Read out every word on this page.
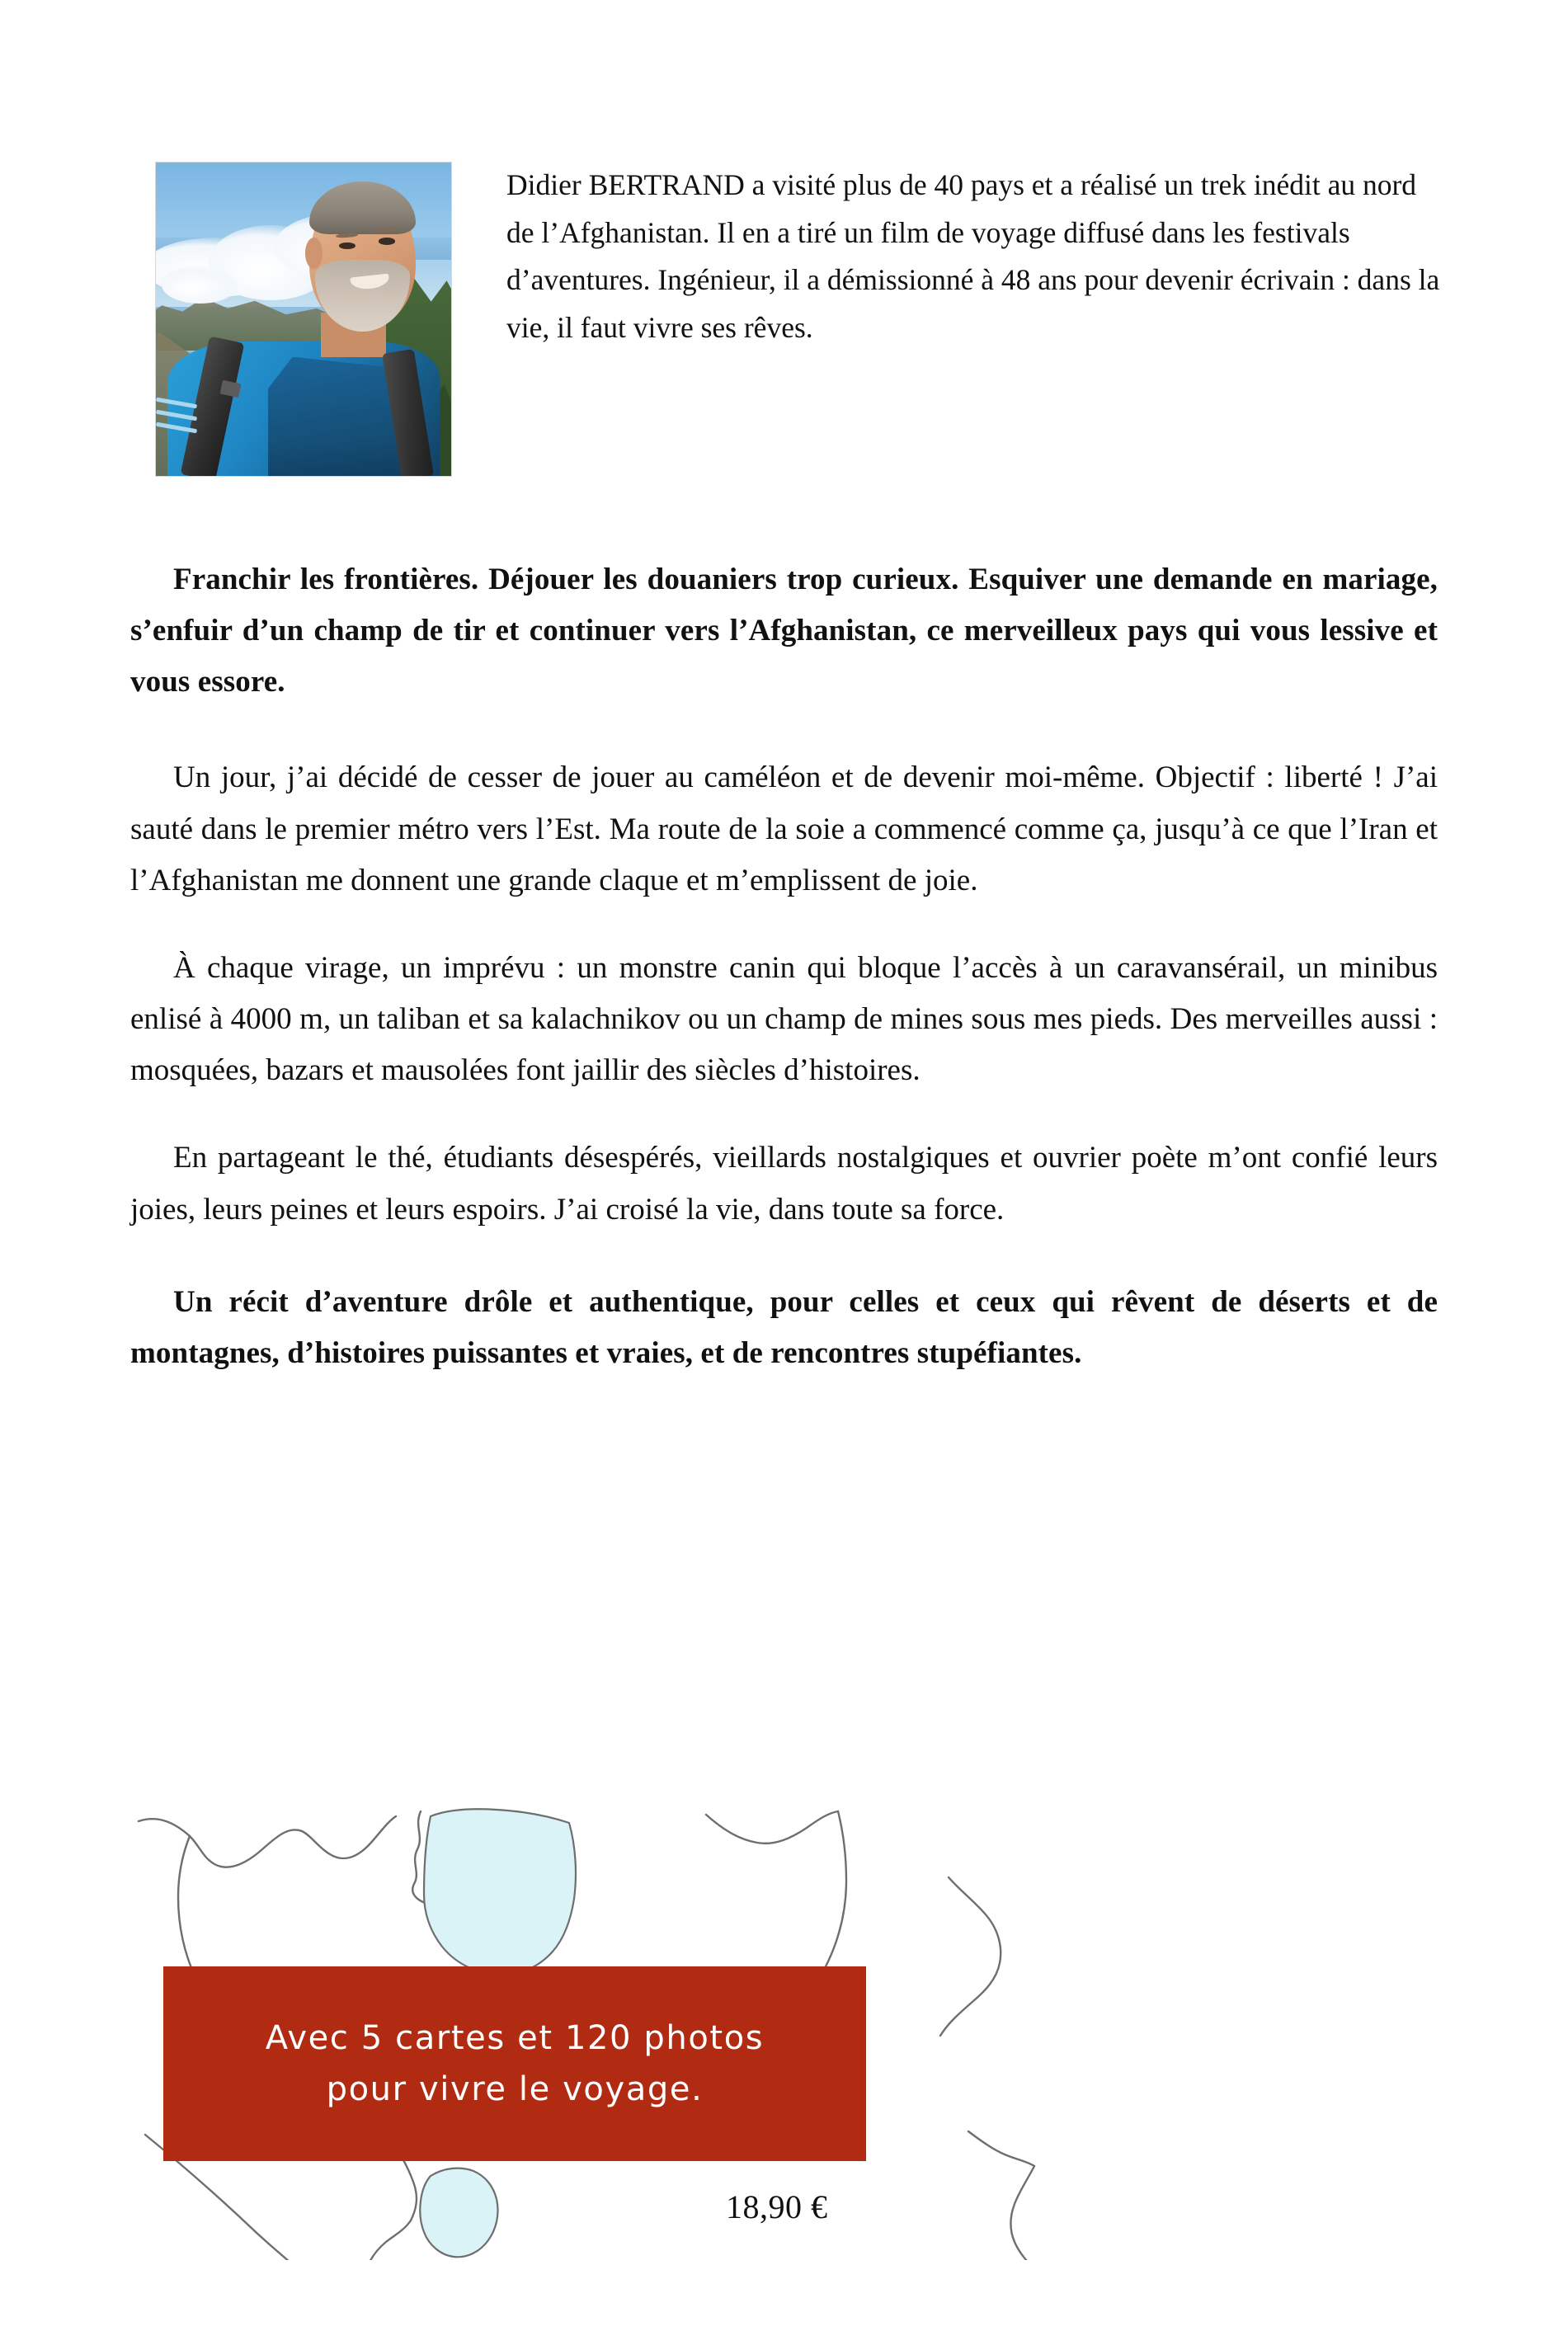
Didier BERTRAND a visité plus de 40 pays et a réalisé un trek inédit au nord de l’Afghanistan. Il en a tiré un film de voyage diffusé dans les festivals d’aventures. Ingénieur, il a démissionné à 48 ans pour devenir écrivain : dans la vie, il faut vivre ses rêves.

Franchir les frontières. Déjouer les douaniers trop curieux. Esquiver une demande en mariage, s’enfuir d’un champ de tir et continuer vers l’Afghanistan, ce merveilleux pays qui vous lessive et vous essore.

Un jour, j’ai décidé de cesser de jouer au caméléon et de devenir moi-même. Objectif : liberté ! J’ai sauté dans le premier métro vers l’Est. Ma route de la soie a commencé comme ça, jusqu’à ce que l’Iran et l’Afghanistan me donnent une grande claque et m’emplissent de joie.

À chaque virage, un imprévu : un monstre canin qui bloque l’accès à un caravansérail, un minibus enlisé à 4000 m, un taliban et sa kalachnikov ou un champ de mines sous mes pieds. Des merveilles aussi : mosquées, bazars et mausolées font jaillir des siècles d’histoires.

En partageant le thé, étudiants désespérés, vieillards nostalgiques et ouvrier poète m’ont confié leurs joies, leurs peines et leurs espoirs. J’ai croisé la vie, dans toute sa force.

Un récit d’aventure drôle et authentique, pour celles et ceux qui rêvent de déserts et de montagnes, d’histoires puissantes et vraies, et de rencontres stupéfiantes.

Avec 5 cartes et 120 photos
pour vivre le voyage.
18,90 €
